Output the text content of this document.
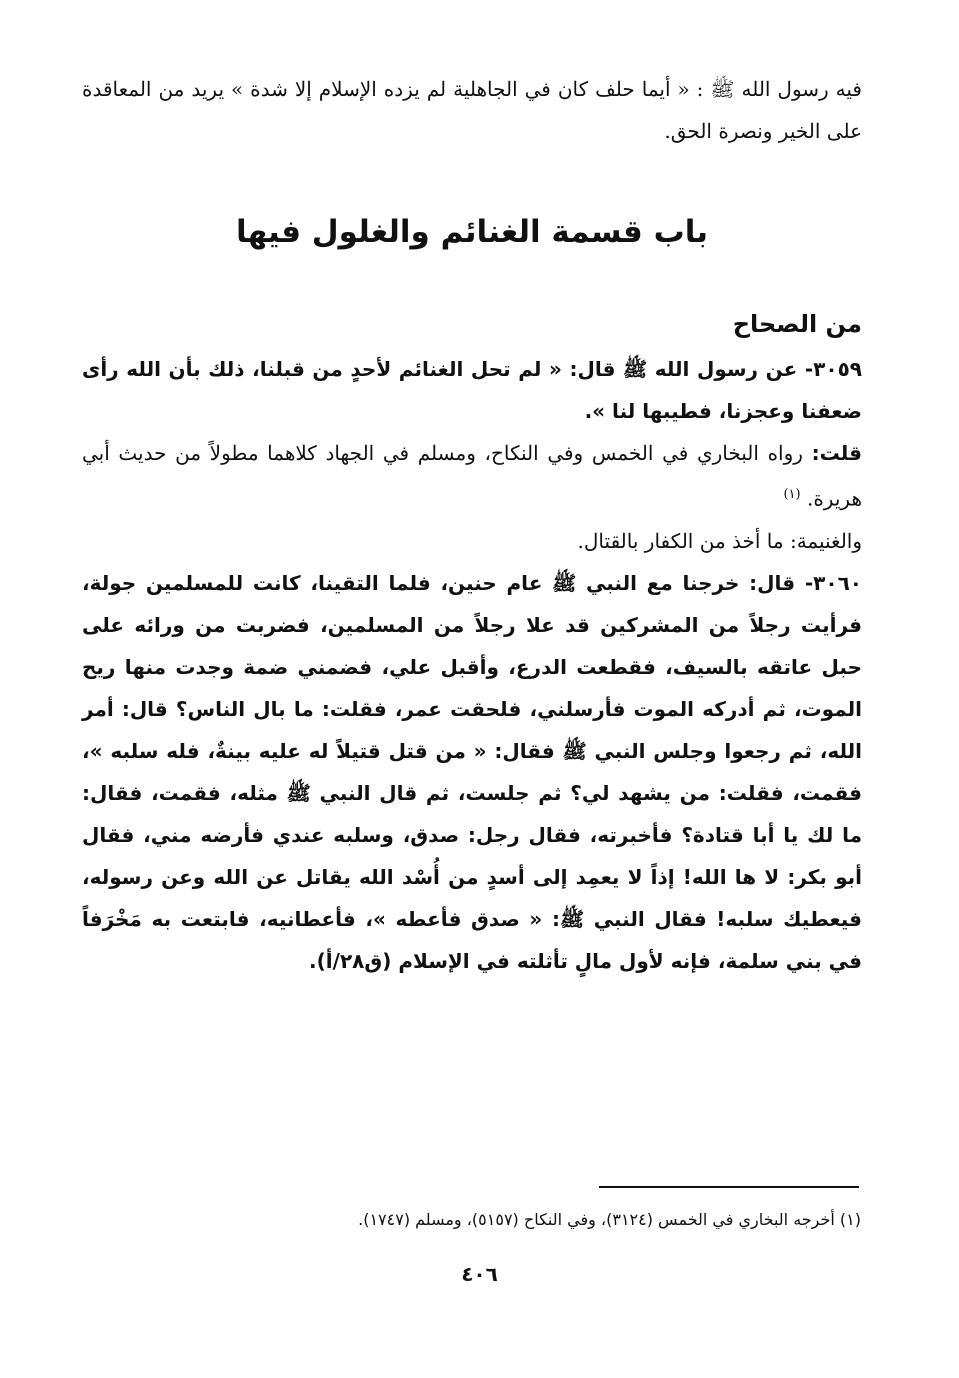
فيه رسول الله ﷺ : « أيما حلف كان في الجاهلية لم يزده الإسلام إلا شدة » يريد من المعاقدة على الخير ونصرة الحق.

باب قسمة الغنائم والغلول فيها
من الصحاح

٣٠٥٩- عن رسول الله ﷺ قال: « لم تحل الغنائم لأحدٍ من قبلنا، ذلك بأن الله رأى ضعفنا وعجزنا، فطيبها لنا ».

قلت: رواه البخاري في الخمس وفي النكاح، ومسلم في الجهاد كلاهما مطولاً من حديث أبي هريرة. $^{(١)}$

والغنيمة: ما أخذ من الكفار بالقتال.

٣٠٦٠- قال: خرجنا مع النبي ﷺ عام حنين، فلما التقينا، كانت للمسلمين جولة، فرأيت رجلاً من المشركين قد علا رجلاً من المسلمين، فضربت من ورائه على حبل عاتقه بالسيف، فقطعت الدرع، وأقبل علي، فضمني ضمة وجدت منها ريح الموت، ثم أدركه الموت فأرسلني، فلحقت عمر، فقلت: ما بال الناس؟ قال: أمر الله، ثم رجعوا وجلس النبي ﷺ فقال: « من قتل قتيلاً له عليه بينةٌ، فله سلبه »، فقمت، فقلت: من يشهد لي؟ ثم جلست، ثم قال النبي ﷺ مثله، فقمت، فقال: ما لك يا أبا قتادة؟ فأخبرته، فقال رجل: صدق، وسلبه عندي فأرضه مني، فقال أبو بكر: لا ها الله! إذاً لا يعمِد إلى أسدٍ من أُسْد الله يقاتل عن الله وعن رسوله، فيعطيك سلبه! فقال النبي ﷺ: « صدق فأعطه »، فأعطانيه، فابتعت به مَخْرَفاً في بني سلمة، فإنه لأول مالٍ تأثلته في الإسلام (ق٢٨/أ).

(١) أخرجه البخاري في الخمس (٣١٢٤)، وفي النكاح (٥١٥٧)، ومسلم (١٧٤٧).
٤٠٦
